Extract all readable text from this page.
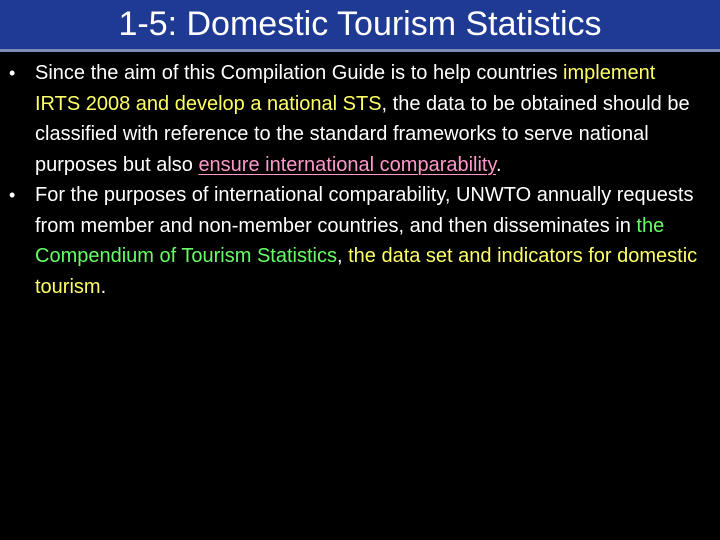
1-5: Domestic Tourism Statistics
• Since the aim of this Compilation Guide is to help countries implement IRTS 2008 and develop a national STS, the data to be obtained should be classified with reference to the standard frameworks to serve national purposes but also ensure international comparability.
• For the purposes of international comparability, UNWTO annually requests from member and non-member countries, and then disseminates in the Compendium of Tourism Statistics, the data set and indicators for domestic tourism.
